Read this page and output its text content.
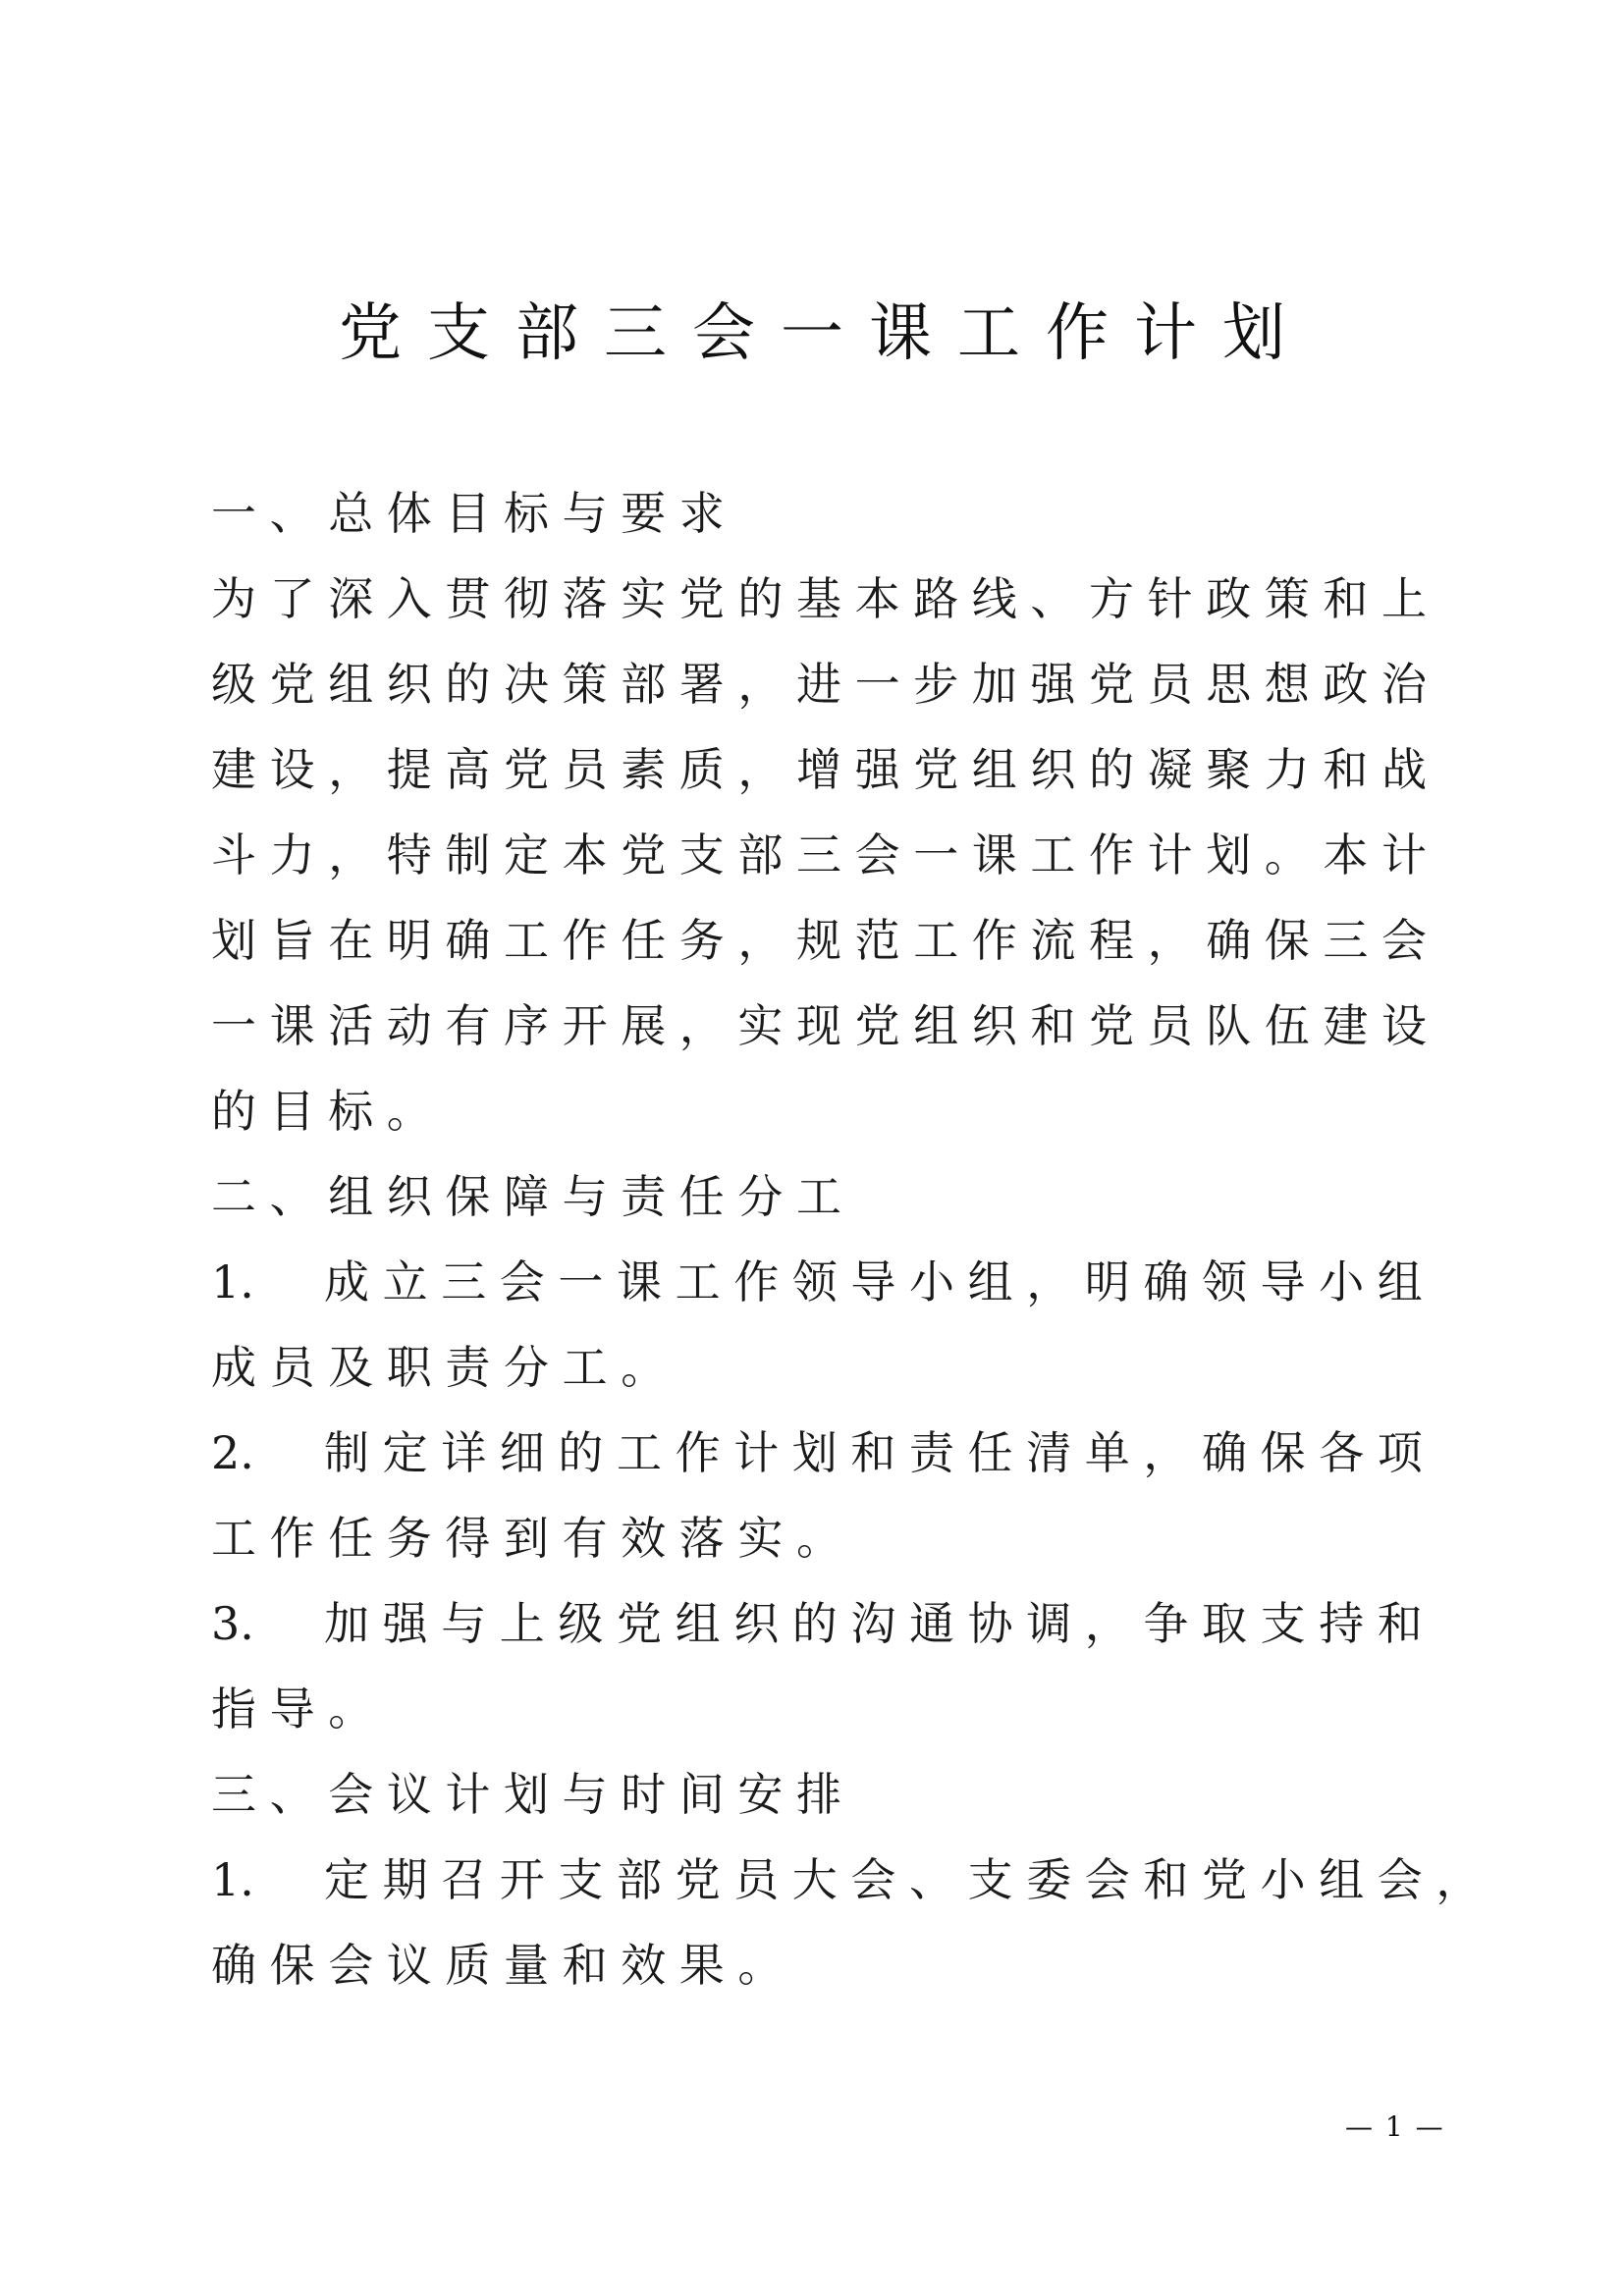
党支部三会一课工作计划
一、总体目标与要求
为了深入贯彻落实党的基本路线、方针政策和上
级党组织的决策部署，进一步加强党员思想政治
建设，提高党员素质，增强党组织的凝聚力和战
斗力，特制定本党支部三会一课工作计划。本计
划旨在明确工作任务，规范工作流程，确保三会
一课活动有序开展，实现党组织和党员队伍建设
的目标。
二、组织保障与责任分工
1. 成立三会一课工作领导小组，明确领导小组
成员及职责分工。
2. 制定详细的工作计划和责任清单，确保各项
工作任务得到有效落实。
3. 加强与上级党组织的沟通协调，争取支持和
指导。
三、会议计划与时间安排
1. 定期召开支部党员大会、支委会和党小组会，
确保会议质量和效果。
— 1 —
